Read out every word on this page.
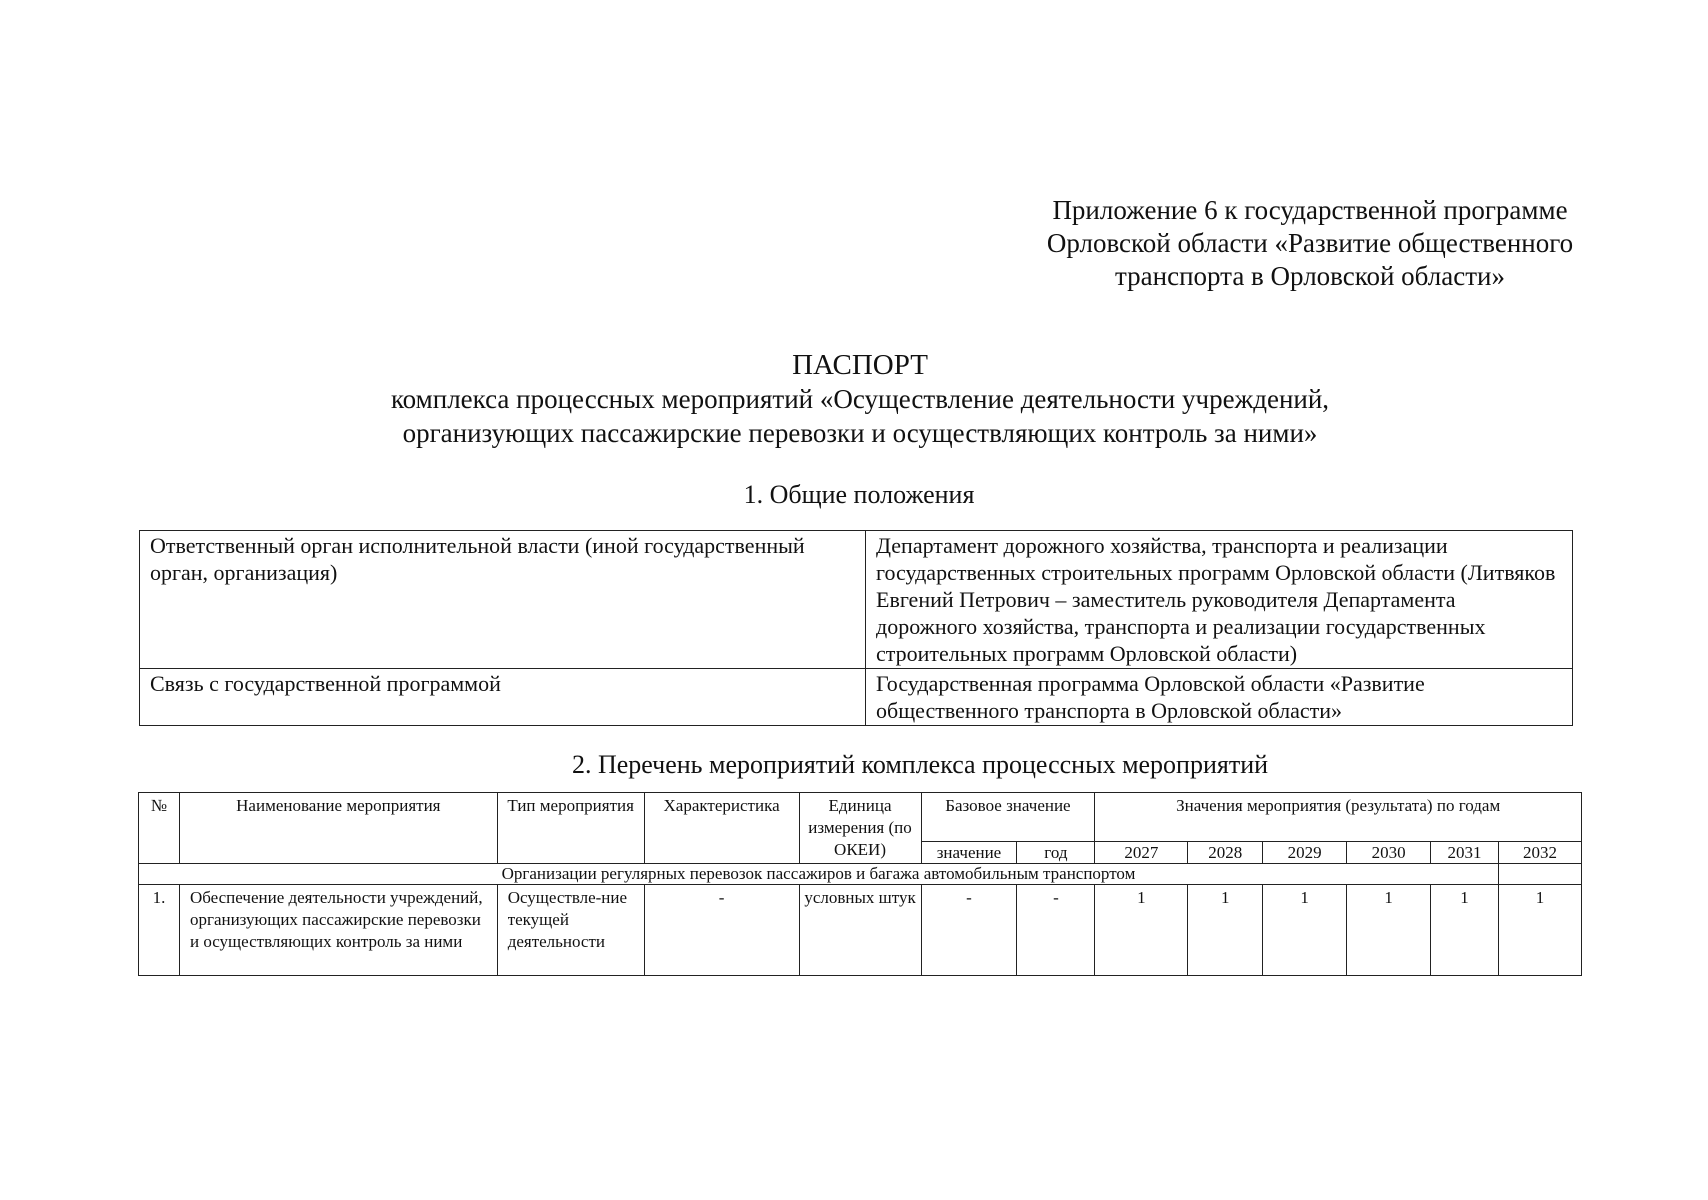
Приложение 6 к государственной программе
Орловской области «Развитие общественного
транспорта в Орловской области»
ПАСПОРТ
комплекса процессных мероприятий «Осуществление деятельности учреждений,
организующих пассажирские перевозки и осуществляющих контроль за ними»
1. Общие положения
Ответственный орган исполнительной власти (иной государственный орган, организация)	Департамент дорожного хозяйства, транспорта и реализации государственных строительных программ Орловской области (Литвяков Евгений Петрович – заместитель руководителя Департамента дорожного хозяйства, транспорта и реализации государственных строительных программ Орловской области)
Связь с государственной программой	Государственная программа Орловской области «Развитие общественного транспорта в Орловской области»
2. Перечень мероприятий комплекса процессных мероприятий
№	Наименование мероприятия	Тип мероприятия	Характеристика	Единица измерения (по ОКЕИ)	Базовое значение		Значения мероприятия (результата) по годам					
					значение	год	2027	2028	2029	2030	2031	2032
Организации регулярных перевозок пассажиров и багажа автомобильным транспортом												
1.	Обеспечение деятельности учреждений, организующих пассажирские перевозки и осуществляющих контроль за ними	Осуществле-ние текущей деятельности	-	условных штук	-	-	1	1	1	1	1	1
